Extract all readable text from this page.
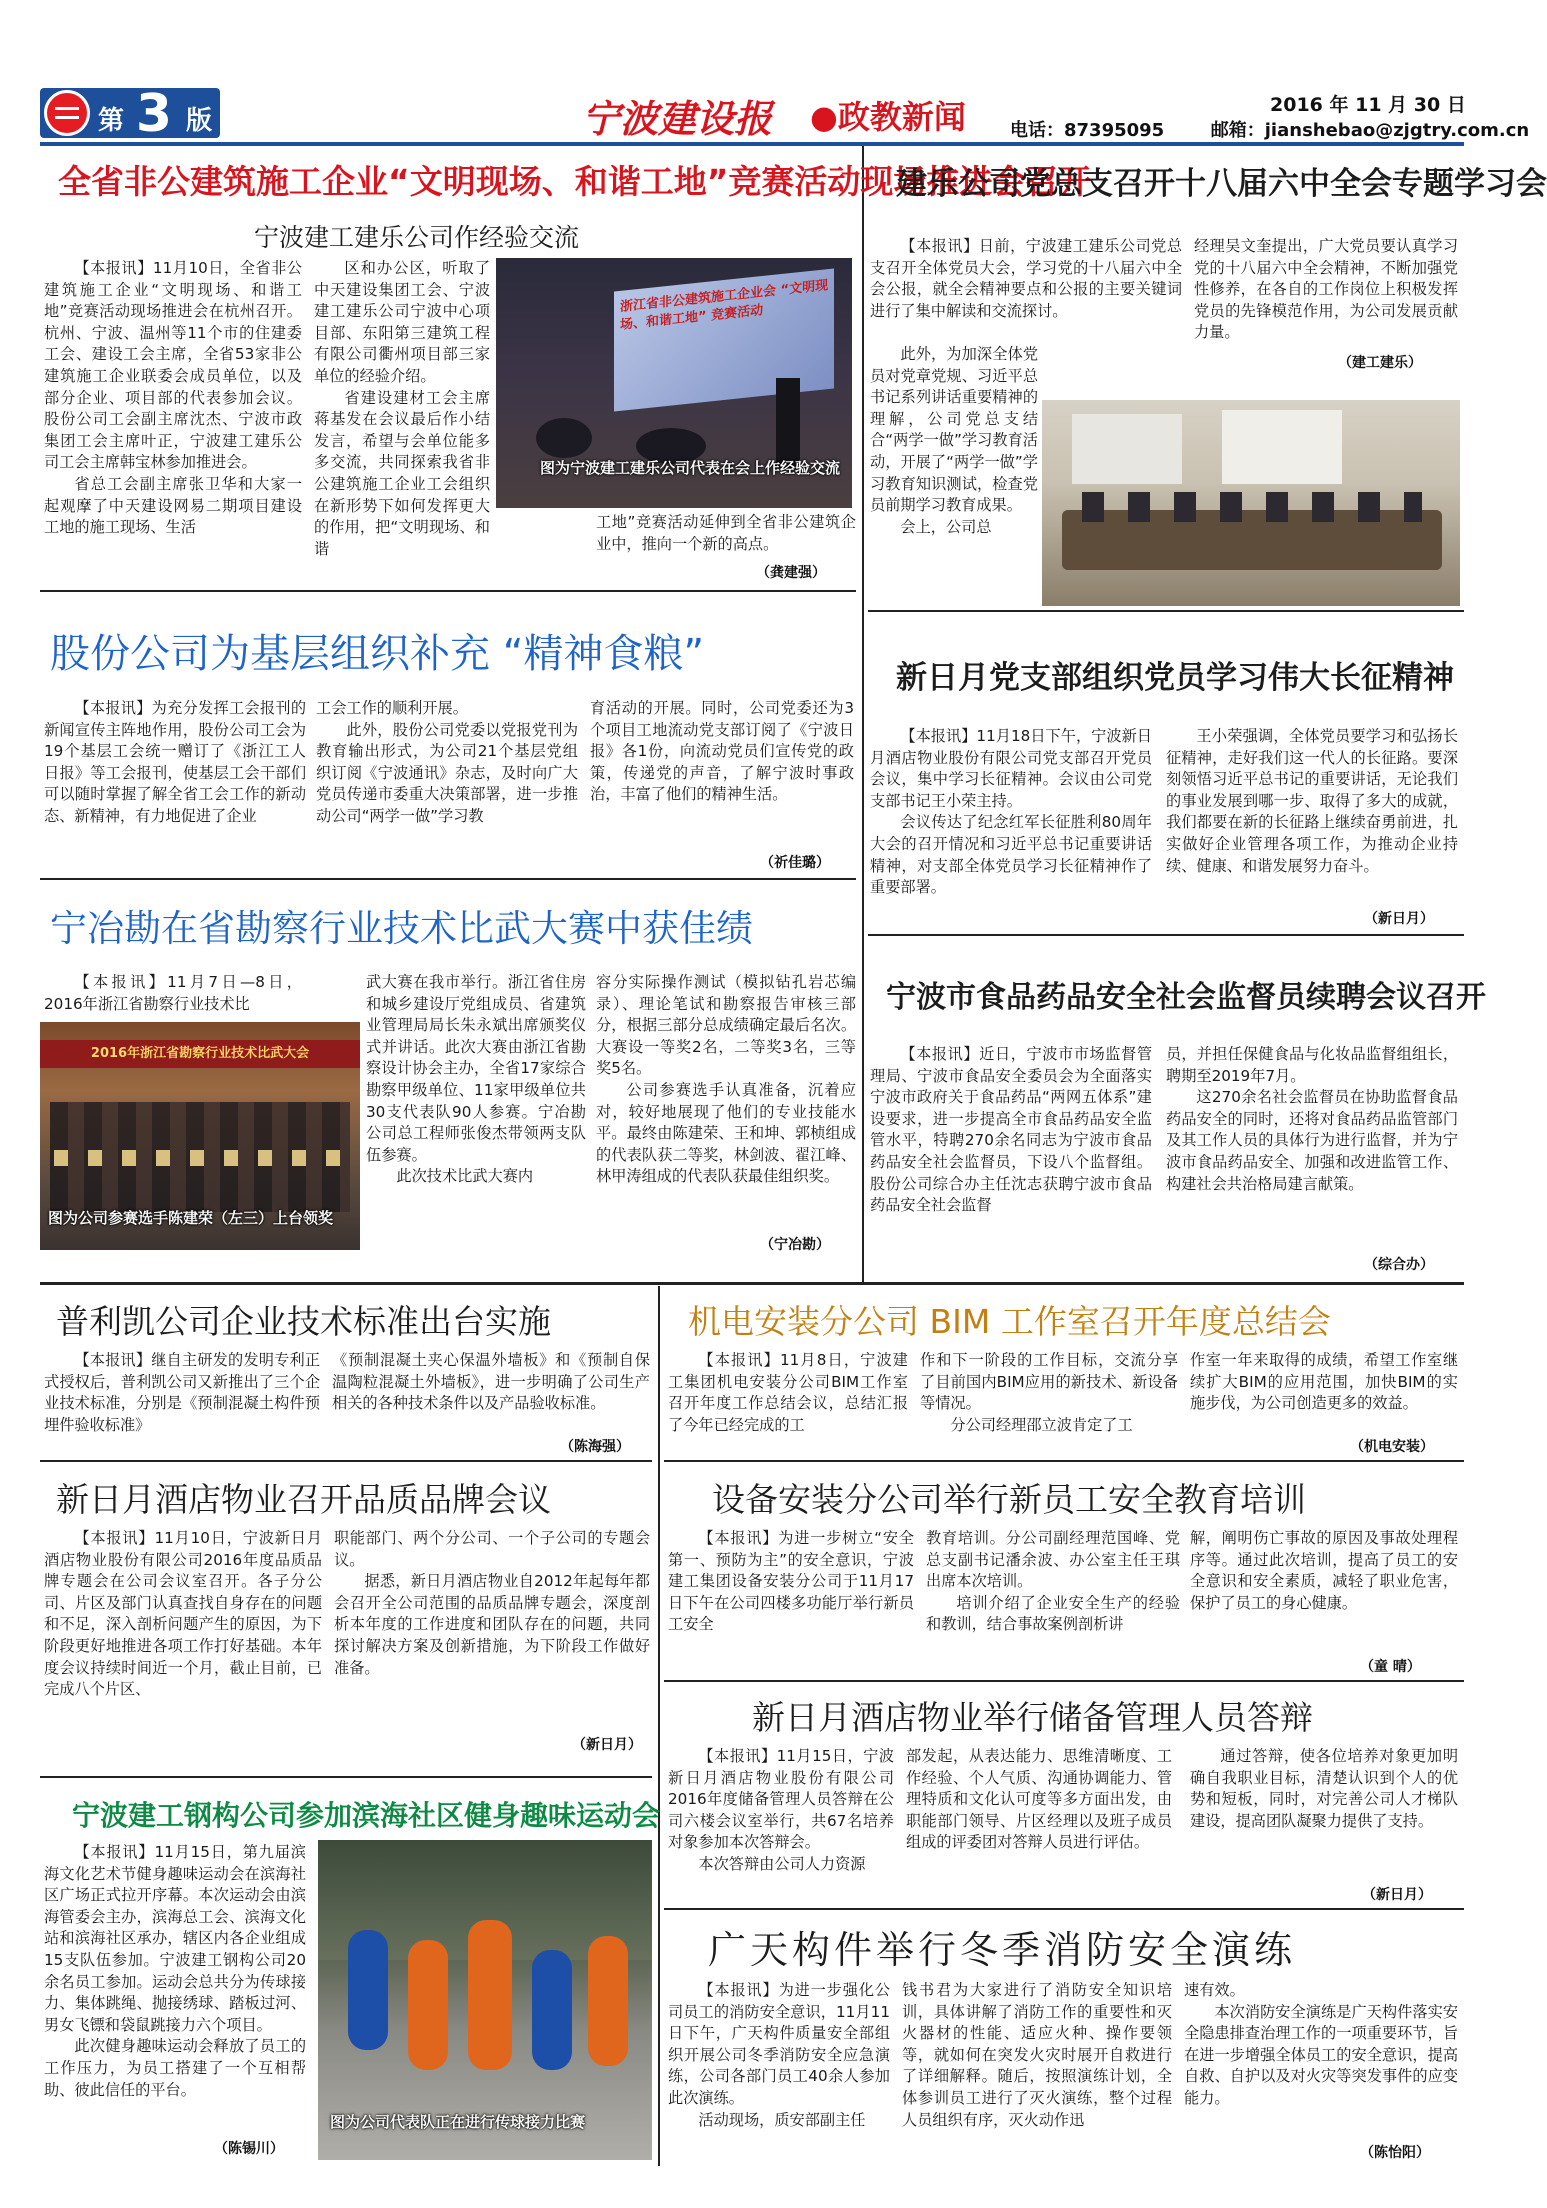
第 3 版	宁波建设报 ●政教新闻	2016 年 11 月 30 日
电话：87395095	邮箱：jianshebao@zjgtry.com.cn
全省非公建筑施工企业“文明现场、和谐工地”竞赛活动现场推进会召开
宁波建工建乐公司作经验交流
【本报讯】11月10日，全省非公建筑施工企业“文明现场、和谐工地”竞赛活动现场推进会在杭州召开。杭州、宁波、温州等11个市的住建委工会、建设工会主席，全省53家非公建筑施工企业联委会成员单位，以及部分企业、项目部的代表参加会议。股份公司工会副主席沈杰、宁波市政集团工会主席叶正，宁波建工建乐公司工会主席韩宝林参加推进会。
省总工会副主席张卫华和大家一起观摩了中天建设网易二期项目建设工地的施工现场、生活
区和办公区，听取了中天建设集团工会、宁波建工建乐公司宁波中心项目部、东阳第三建筑工程有限公司衢州项目部三家单位的经验介绍。
省建设建材工会主席蒋基发在会议最后作小结发言，希望与会单位能多多交流，共同探索我省非公建筑施工企业工会组织在新形势下如何发挥更大的作用，把“文明现场、和谐
浙江省非公建筑施工企业会 “文明现场、和谐工地” 竞赛活动
图为宁波建工建乐公司代表在会上作经验交流
工地”竞赛活动延伸到全省非公建筑企业中，推向一个新的高点。
（龚建强）
建乐公司党总支召开十八届六中全会专题学习会
【本报讯】日前，宁波建工建乐公司党总支召开全体党员大会，学习党的十八届六中全会公报，就全会精神要点和公报的主要关键词进行了集中解读和交流探讨。
此外，为加深全体党员对党章党规、习近平总书记系列讲话重要精神的理解，公司党总支结合“两学一做”学习教育活动，开展了“两学一做”学习教育知识测试，检查党员前期学习教育成果。
会上，公司总
经理吴文奎提出，广大党员要认真学习党的十八届六中全会精神，不断加强党性修养，在各自的工作岗位上积极发挥党员的先锋模范作用，为公司发展贡献力量。
（建工建乐）
股份公司为基层组织补充 “精神食粮”
【本报讯】为充分发挥工会报刊的新闻宣传主阵地作用，股份公司工会为19个基层工会统一赠订了《浙江工人日报》等工会报刊，使基层工会干部们可以随时掌握了解全省工会工作的新动态、新精神，有力地促进了企业
工会工作的顺利开展。
此外，股份公司党委以党报党刊为教育输出形式，为公司21个基层党组织订阅《宁波通讯》杂志，及时向广大党员传递市委重大决策部署，进一步推动公司“两学一做”学习教
育活动的开展。同时，公司党委还为3个项目工地流动党支部订阅了《宁波日报》各1份，向流动党员们宣传党的政策，传递党的声音，了解宁波时事政治，丰富了他们的精神生活。
（祈佳璐）
新日月党支部组织党员学习伟大长征精神
【本报讯】11月18日下午，宁波新日月酒店物业股份有限公司党支部召开党员会议，集中学习长征精神。会议由公司党支部书记王小荣主持。
会议传达了纪念红军长征胜利80周年大会的召开情况和习近平总书记重要讲话精神，对支部全体党员学习长征精神作了重要部署。
王小荣强调，全体党员要学习和弘扬长征精神，走好我们这一代人的长征路。要深刻领悟习近平总书记的重要讲话，无论我们的事业发展到哪一步、取得了多大的成就，我们都要在新的长征路上继续奋勇前进，扎实做好企业管理各项工作，为推动企业持续、健康、和谐发展努力奋斗。
（新日月）
宁冶勘在省勘察行业技术比武大赛中获佳绩
【本报讯】11月7日—8日，2016年浙江省勘察行业技术比
2016年浙江省勘察行业技术比武大会
图为公司参赛选手陈建荣（左三）上台领奖
武大赛在我市举行。浙江省住房和城乡建设厅党组成员、省建筑业管理局局长朱永斌出席颁奖仪式并讲话。此次大赛由浙江省勘察设计协会主办，全省17家综合勘察甲级单位、11家甲级单位共30支代表队90人参赛。宁冶勘公司总工程师张俊杰带领两支队伍参赛。
此次技术比武大赛内
容分实际操作测试（模拟钻孔岩芯编录）、理论笔试和勘察报告审核三部分，根据三部分总成绩确定最后名次。大赛设一等奖2名，二等奖3名，三等奖5名。
公司参赛选手认真准备，沉着应对，较好地展现了他们的专业技能水平。最终由陈建荣、王和坤、郭桢组成的代表队获二等奖，林剑波、翟江峰、林甲涛组成的代表队获最佳组织奖。
（宁冶勘）
宁波市食品药品安全社会监督员续聘会议召开
【本报讯】近日，宁波市市场监督管理局、宁波市食品安全委员会为全面落实宁波市政府关于食品药品“两网五体系”建设要求，进一步提高全市食品药品安全监管水平，特聘270余名同志为宁波市食品药品安全社会监督员，下设八个监督组。股份公司综合办主任沈志获聘宁波市食品药品安全社会监督
员，并担任保健食品与化妆品监督组组长，聘期至2019年7月。
这270余名社会监督员在协助监督食品药品安全的同时，还将对食品药品监管部门及其工作人员的具体行为进行监督，并为宁波市食品药品安全、加强和改进监管工作、构建社会共治格局建言献策。
（综合办）
普利凯公司企业技术标准出台实施
【本报讯】继自主研发的发明专利正式授权后，普利凯公司又新推出了三个企业技术标准，分别是《预制混凝土构件预埋件验收标准》
《预制混凝土夹心保温外墙板》和《预制自保温陶粒混凝土外墙板》，进一步明确了公司生产相关的各种技术条件以及产品验收标准。
（陈海强）
机电安装分公司 BIM 工作室召开年度总结会
【本报讯】11月8日，宁波建工集团机电安装分公司BIM工作室召开年度工作总结会议，总结汇报了今年已经完成的工
作和下一阶段的工作目标，交流分享了目前国内BIM应用的新技术、新设备等情况。
分公司经理邵立波肯定了工
作室一年来取得的成绩，希望工作室继续扩大BIM的应用范围，加快BIM的实施步伐，为公司创造更多的效益。
（机电安装）
新日月酒店物业召开品质品牌会议
【本报讯】11月10日，宁波新日月酒店物业股份有限公司2016年度品质品牌专题会在公司会议室召开。各子分公司、片区及部门认真查找自身存在的问题和不足，深入剖析问题产生的原因，为下阶段更好地推进各项工作打好基础。本年度会议持续时间近一个月，截止目前，已完成八个片区、
职能部门、两个分公司、一个子公司的专题会议。
据悉，新日月酒店物业自2012年起每年都会召开全公司范围的品质品牌专题会，深度剖析本年度的工作进度和团队存在的问题，共同探讨解决方案及创新措施，为下阶段工作做好准备。
（新日月）
设备安装分公司举行新员工安全教育培训
【本报讯】为进一步树立“安全第一、预防为主”的安全意识，宁波建工集团设备安装分公司于11月17日下午在公司四楼多功能厅举行新员工安全
教育培训。分公司副经理范国峰、党总支副书记潘余波、办公室主任王琪出席本次培训。
培训介绍了企业安全生产的经验和教训，结合事故案例剖析讲
解，阐明伤亡事故的原因及事故处理程序等。通过此次培训，提高了员工的安全意识和安全素质，减轻了职业危害，保护了员工的身心健康。
（童 晴）
宁波建工钢构公司参加滨海社区健身趣味运动会
【本报讯】11月15日，第九届滨海文化艺术节健身趣味运动会在滨海社区广场正式拉开序幕。本次运动会由滨海管委会主办，滨海总工会、滨海文化站和滨海社区承办，辖区内各企业组成15支队伍参加。宁波建工钢构公司20余名员工参加。运动会总共分为传球接力、集体跳绳、抛接绣球、踏板过河、男女飞镖和袋鼠跳接力六个项目。
此次健身趣味运动会释放了员工的工作压力，为员工搭建了一个互相帮助、彼此信任的平台。
（陈锡川）
图为公司代表队正在进行传球接力比赛
新日月酒店物业举行储备管理人员答辩
【本报讯】11月15日，宁波新日月酒店物业股份有限公司2016年度储备管理人员答辩在公司六楼会议室举行，共67名培养对象参加本次答辩会。
本次答辩由公司人力资源
部发起，从表达能力、思维清晰度、工作经验、个人气质、沟通协调能力、管理特质和文化认可度等多方面出发，由职能部门领导、片区经理以及班子成员组成的评委团对答辩人员进行评估。
通过答辩，使各位培养对象更加明确自我职业目标，清楚认识到个人的优势和短板，同时，对完善公司人才梯队建设，提高团队凝聚力提供了支持。
（新日月）
广天构件举行冬季消防安全演练
【本报讯】为进一步强化公司员工的消防安全意识，11月11日下午，广天构件质量安全部组织开展公司冬季消防安全应急演练，公司各部门员工40余人参加此次演练。
活动现场，质安部副主任
钱书君为大家进行了消防安全知识培训，具体讲解了消防工作的重要性和灭火器材的性能、适应火种、操作要领等，就如何在突发火灾时展开自救进行了详细解释。随后，按照演练计划，全体参训员工进行了灭火演练，整个过程人员组织有序，灭火动作迅
速有效。
本次消防安全演练是广天构件落实安全隐患排查治理工作的一项重要环节，旨在进一步增强全体员工的安全意识，提高自救、自护以及对火灾等突发事件的应变能力。
（陈怡阳）
